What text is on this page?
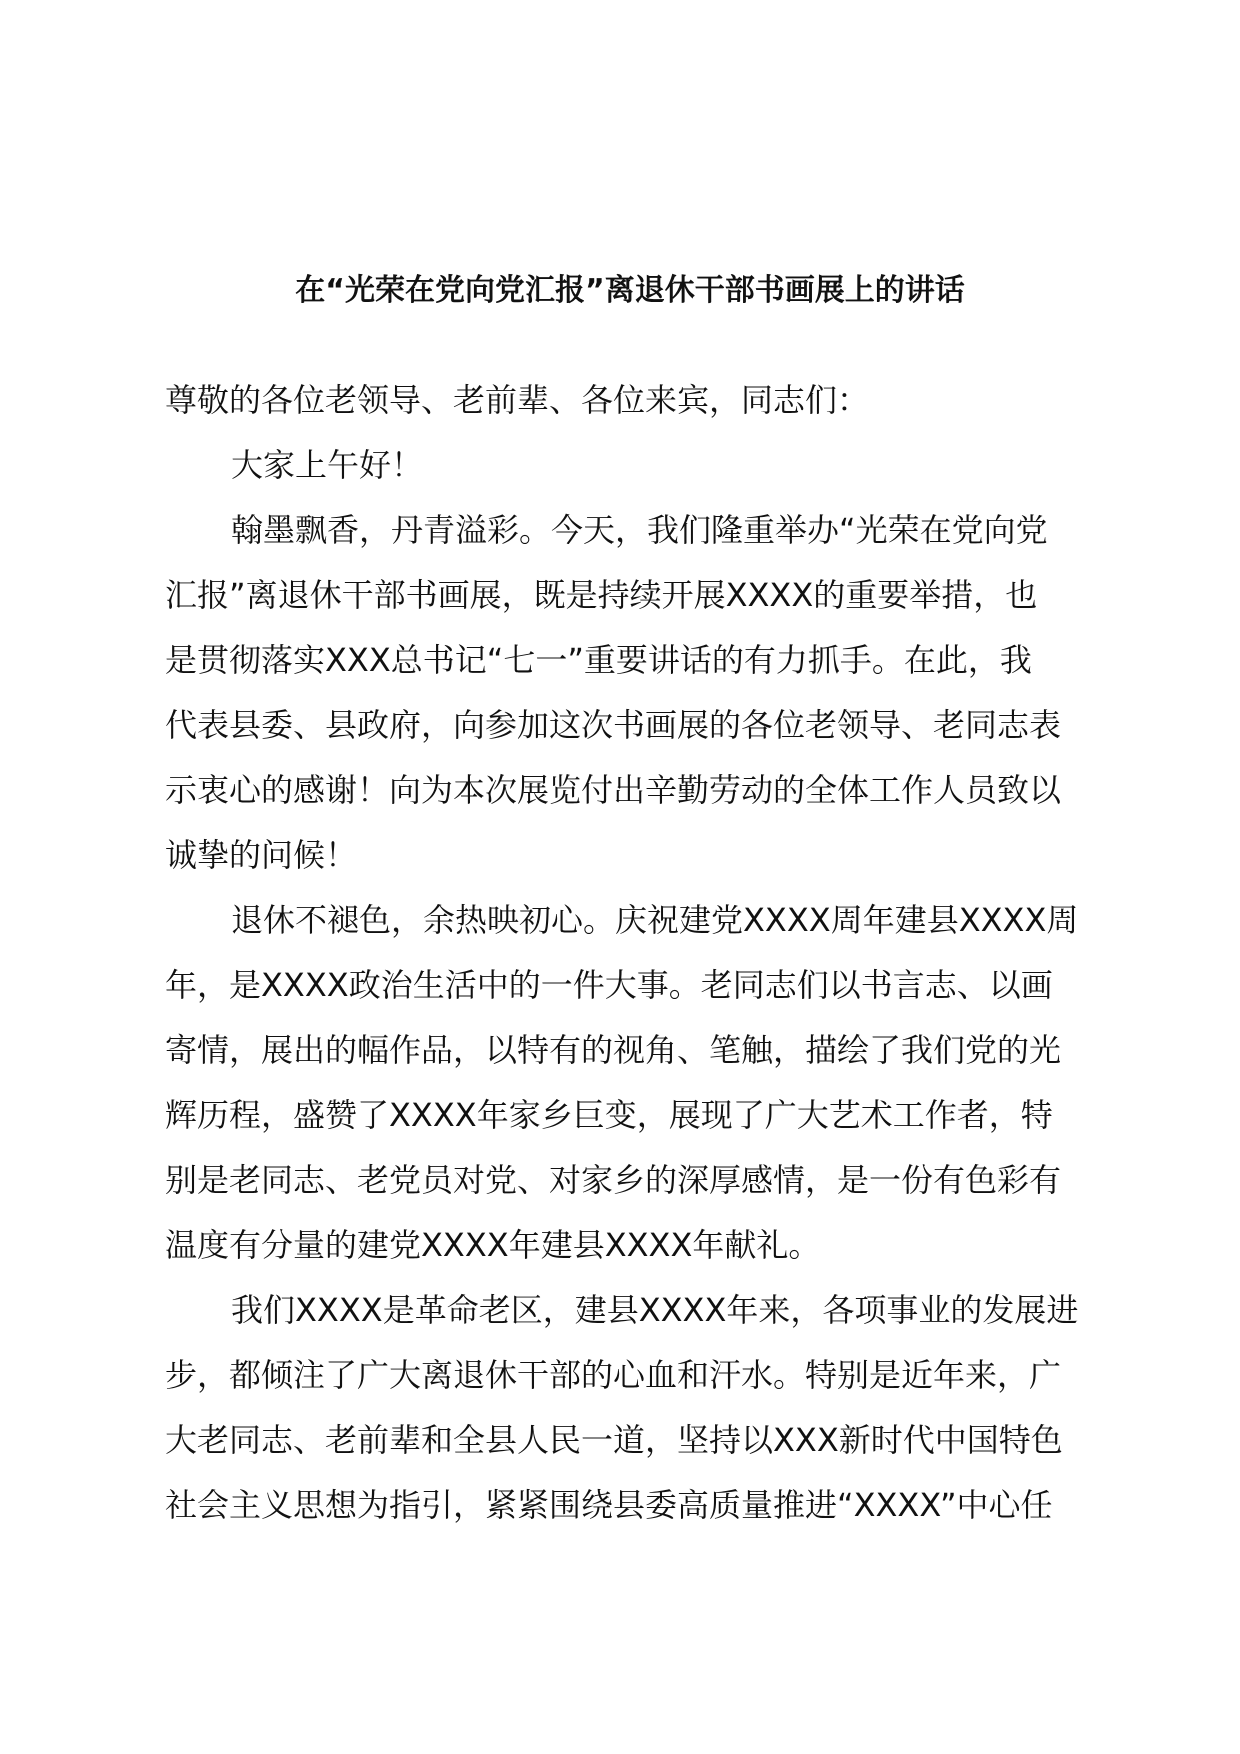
在“光荣在党向党汇报”离退休干部书画展上的讲话

尊敬的各位老领导、老前辈、各位来宾，同志们：

大家上午好！

翰墨飘香，丹青溢彩。今天，我们隆重举办“光荣在党向党

汇报”离退休干部书画展，既是持续开展XXXX的重要举措，也

是贯彻落实XXX总书记“七一”重要讲话的有力抓手。在此，我

代表县委、县政府，向参加这次书画展的各位老领导、老同志表

示衷心的感谢！向为本次展览付出辛勤劳动的全体工作人员致以

诚挚的问候！

退休不褪色，余热映初心。庆祝建党XXXX周年建县XXXX周

年，是XXXX政治生活中的一件大事。老同志们以书言志、以画

寄情，展出的幅作品，以特有的视角、笔触，描绘了我们党的光

辉历程，盛赞了XXXX年家乡巨变，展现了广大艺术工作者，特

别是老同志、老党员对党、对家乡的深厚感情，是一份有色彩有

温度有分量的建党XXXX年建县XXXX年献礼。

我们XXXX是革命老区，建县XXXX年来，各项事业的发展进

步，都倾注了广大离退休干部的心血和汗水。特别是近年来，广

大老同志、老前辈和全县人民一道，坚持以XXX新时代中国特色

社会主义思想为指引，紧紧围绕县委高质量推进“XXXX”中心任
